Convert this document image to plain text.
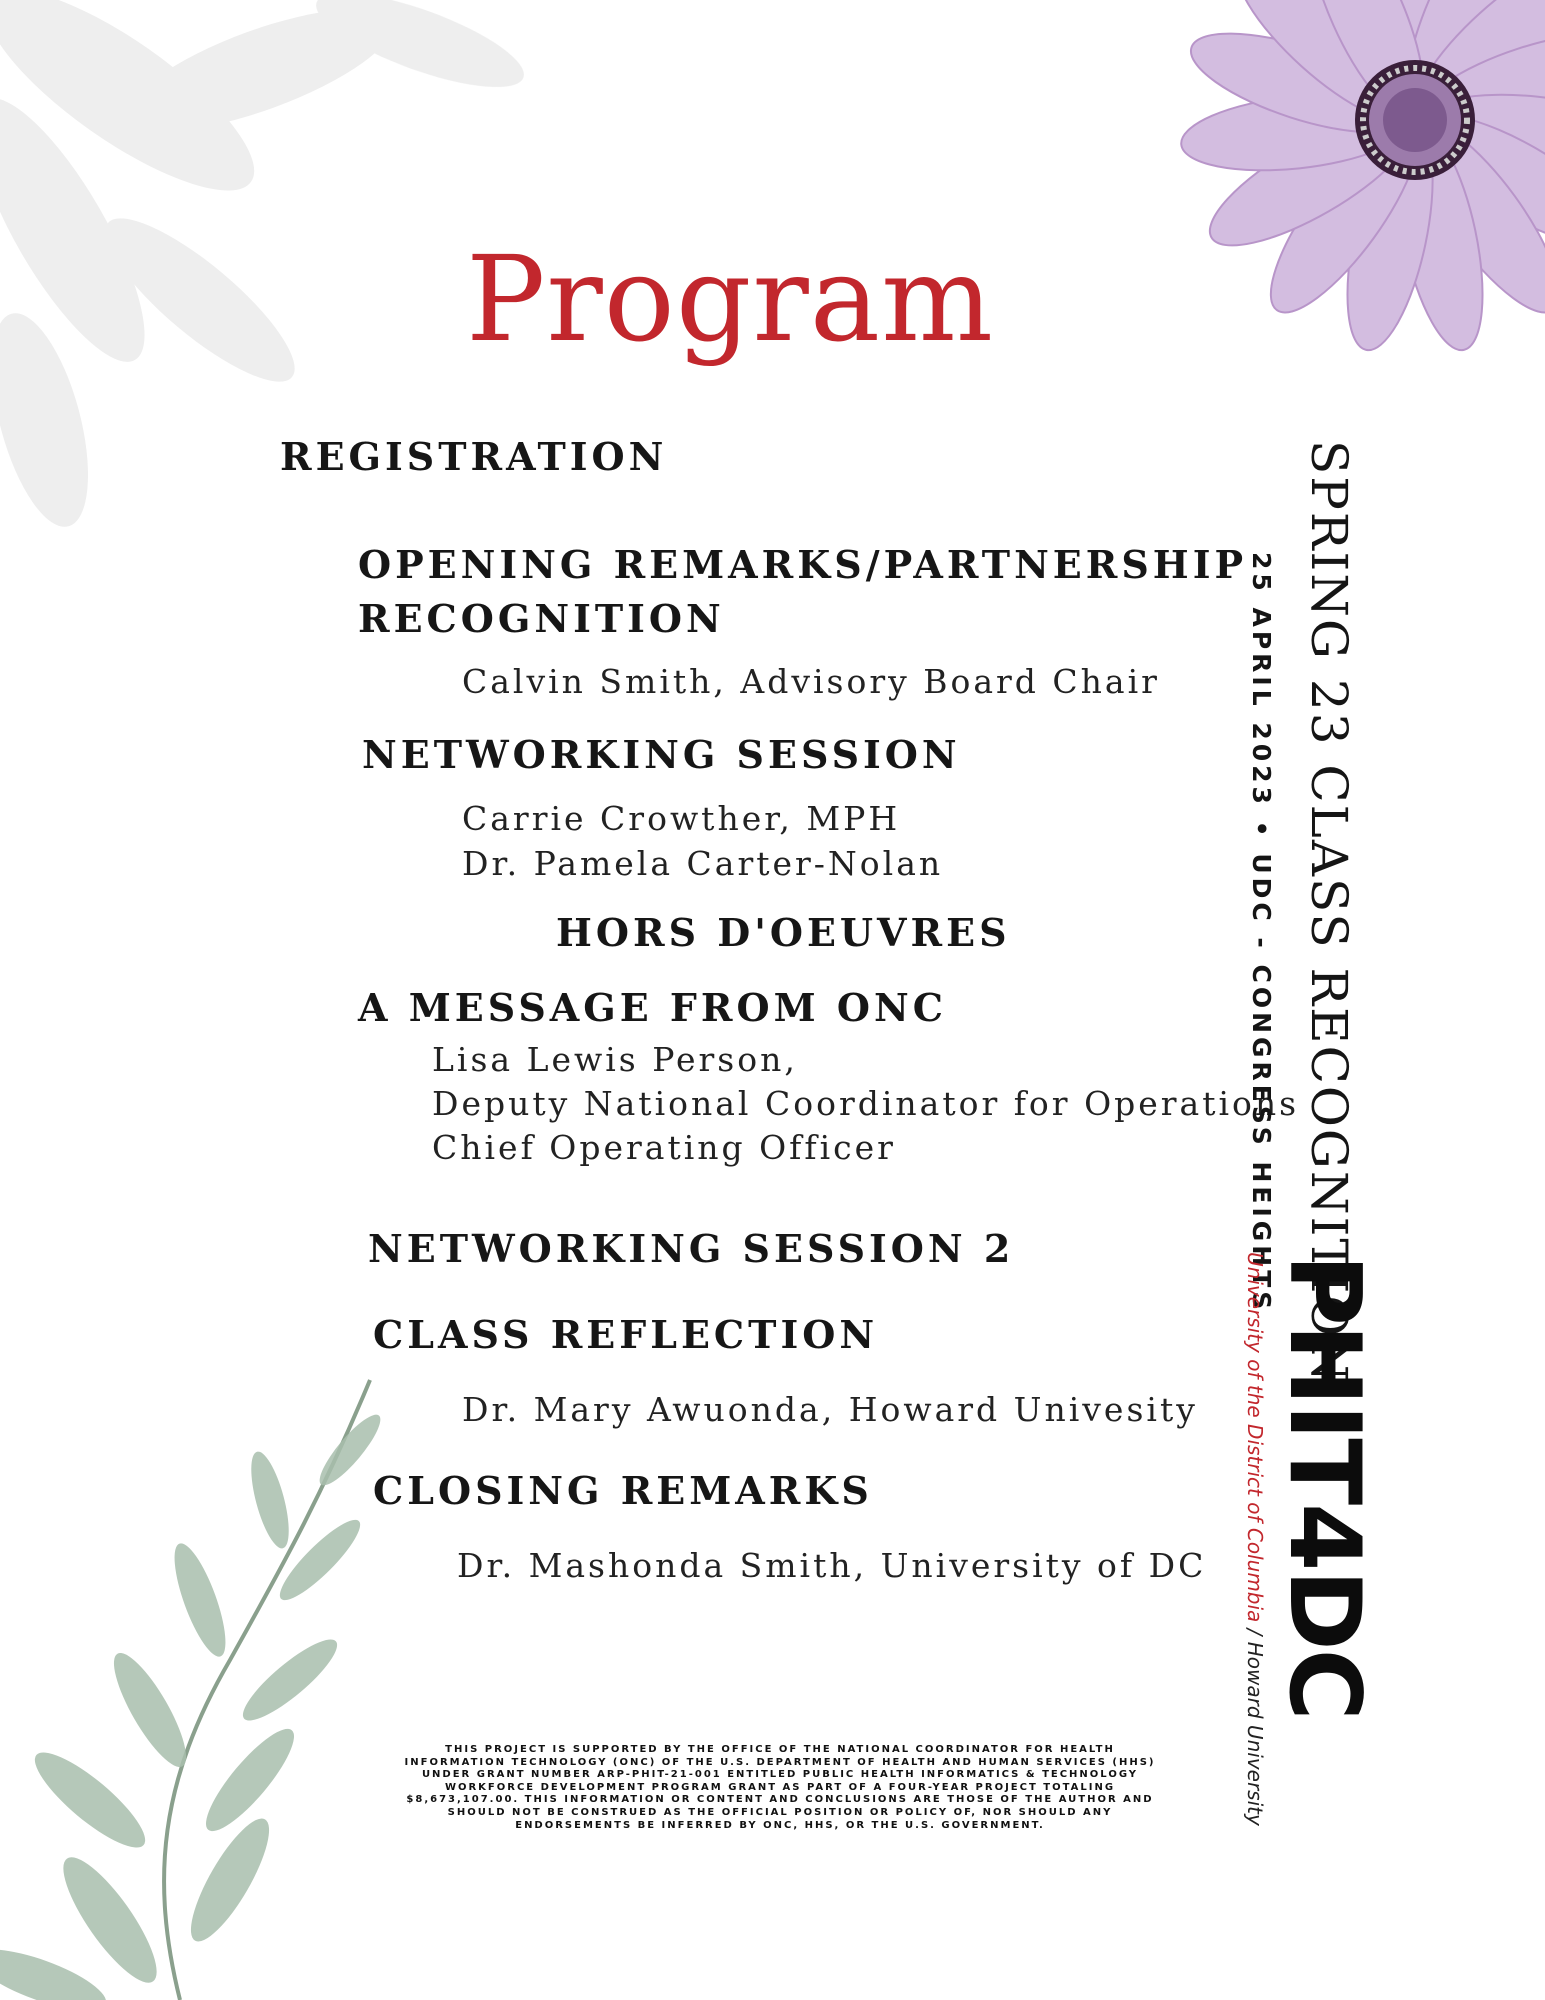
Program
REGISTRATION
OPENING REMARKS/PARTNERSHIP
RECOGNITION
Calvin Smith, Advisory Board Chair
NETWORKING SESSION
Carrie Crowther, MPH
Dr. Pamela Carter-Nolan
HORS D'OEUVRES
A MESSAGE FROM ONC
Lisa Lewis Person,
Deputy National Coordinator for Operations
Chief Operating Officer
NETWORKING SESSION 2
CLASS REFLECTION
Dr. Mary Awuonda, Howard Univesity
CLOSING REMARKS
Dr. Mashonda Smith, University of DC
SPRING 23 CLASS RECOGNITION
25 APRIL 2023 • UDC - CONGRESS HEIGHTS
PHIT4DC
University of the District of Columbia / Howard University
THIS PROJECT IS SUPPORTED BY THE OFFICE OF THE NATIONAL COORDINATOR FOR HEALTH
INFORMATION TECHNOLOGY (ONC) OF THE U.S. DEPARTMENT OF HEALTH AND HUMAN SERVICES (HHS)
UNDER GRANT NUMBER ARP-PHIT-21-001 ENTITLED PUBLIC HEALTH INFORMATICS & TECHNOLOGY
WORKFORCE DEVELOPMENT PROGRAM GRANT AS PART OF A FOUR-YEAR PROJECT TOTALING
$8,673,107.00. THIS INFORMATION OR CONTENT AND CONCLUSIONS ARE THOSE OF THE AUTHOR AND
SHOULD NOT BE CONSTRUED AS THE OFFICIAL POSITION OR POLICY OF, NOR SHOULD ANY
ENDORSEMENTS BE INFERRED BY ONC, HHS, OR THE U.S. GOVERNMENT.
